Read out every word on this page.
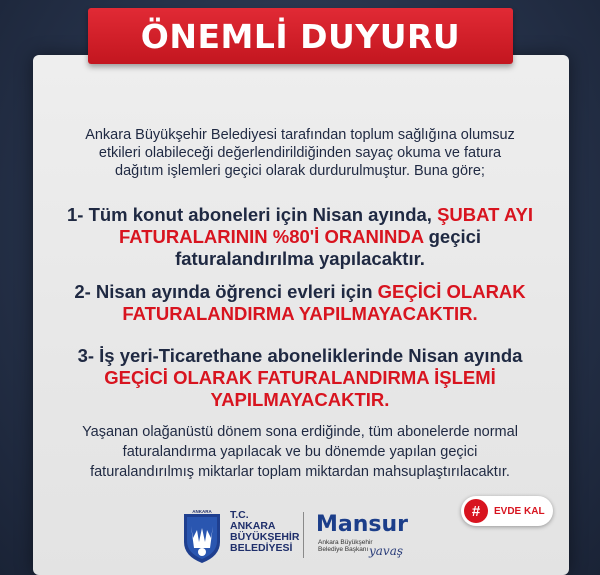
ÖNEMLİ DUYURU
Ankara Büyükşehir Belediyesi tarafından toplum sağlığına olumsuz
etkileri olabileceği değerlendirildiğinden sayaç okuma ve fatura
dağıtım işlemleri geçici olarak durdurulmuştur. Buna göre;
1- Tüm konut aboneleri için Nisan ayında, ŞUBAT AYI
FATURALARININ %80'İ ORANINDA geçici
faturalandırılma yapılacaktır.
2- Nisan ayında öğrenci evleri için GEÇİCİ OLARAK
FATURALANDIRMA YAPILMAYACAKTIR.
3- İş yeri-Ticarethane aboneliklerinde Nisan ayında
GEÇİCİ OLARAK FATURALANDIRMA İŞLEMİ
YAPILMAYACAKTIR.
Yaşanan olağanüstü dönem sona erdiğinde, tüm abonelerde normal
faturalandırma yapılacak ve bu dönemde yapılan geçici
faturalandırılmış miktarlar toplam miktardan mahsuplaştırılacaktır.
ANKARA T.C.
ANKARA
BÜYÜKŞEHİR
BELEDİYESİ
Mansur
Ankara Büyükşehir
Belediye Başkanı yavaş
#	EVDE KAL
